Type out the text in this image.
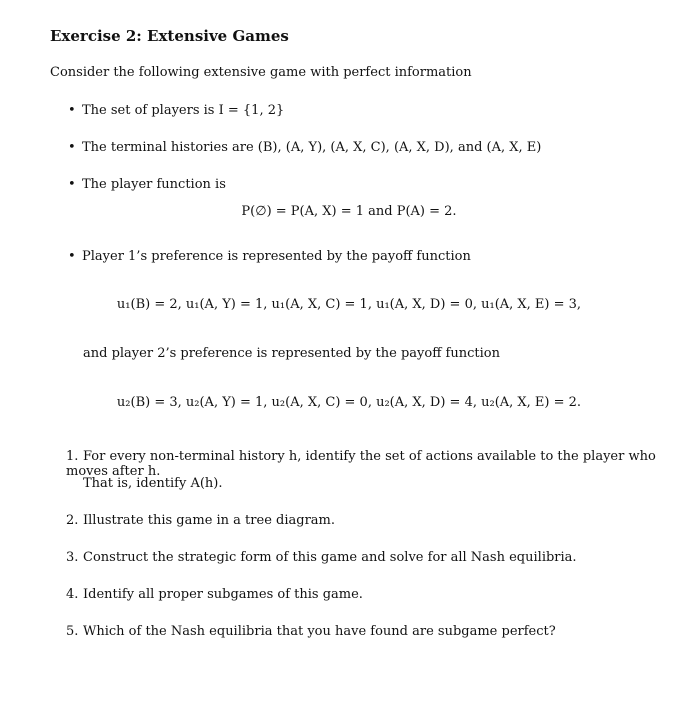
Exercise 2: Extensive Games
Consider the following extensive game with perfect information
• The set of players is I = {1, 2}
• The terminal histories are (B), (A, Y), (A, X, C), (A, X, D), and (A, X, E)
• The player function is
P(∅) = P(A, X) = 1 and P(A) = 2.
• Player 1’s preference is represented by the payoff function
u₁(B) = 2, u₁(A, Y) = 1, u₁(A, X, C) = 1, u₁(A, X, D) = 0, u₁(A, X, E) = 3,
and player 2’s preference is represented by the payoff function
u₂(B) = 3, u₂(A, Y) = 1, u₂(A, X, C) = 0, u₂(A, X, D) = 4, u₂(A, X, E) = 2.
1. For every non-terminal history h, identify the set of actions available to the player who moves after h.
That is, identify A(h).
2. Illustrate this game in a tree diagram.
3. Construct the strategic form of this game and solve for all Nash equilibria.
4. Identify all proper subgames of this game.
5. Which of the Nash equilibria that you have found are subgame perfect?
